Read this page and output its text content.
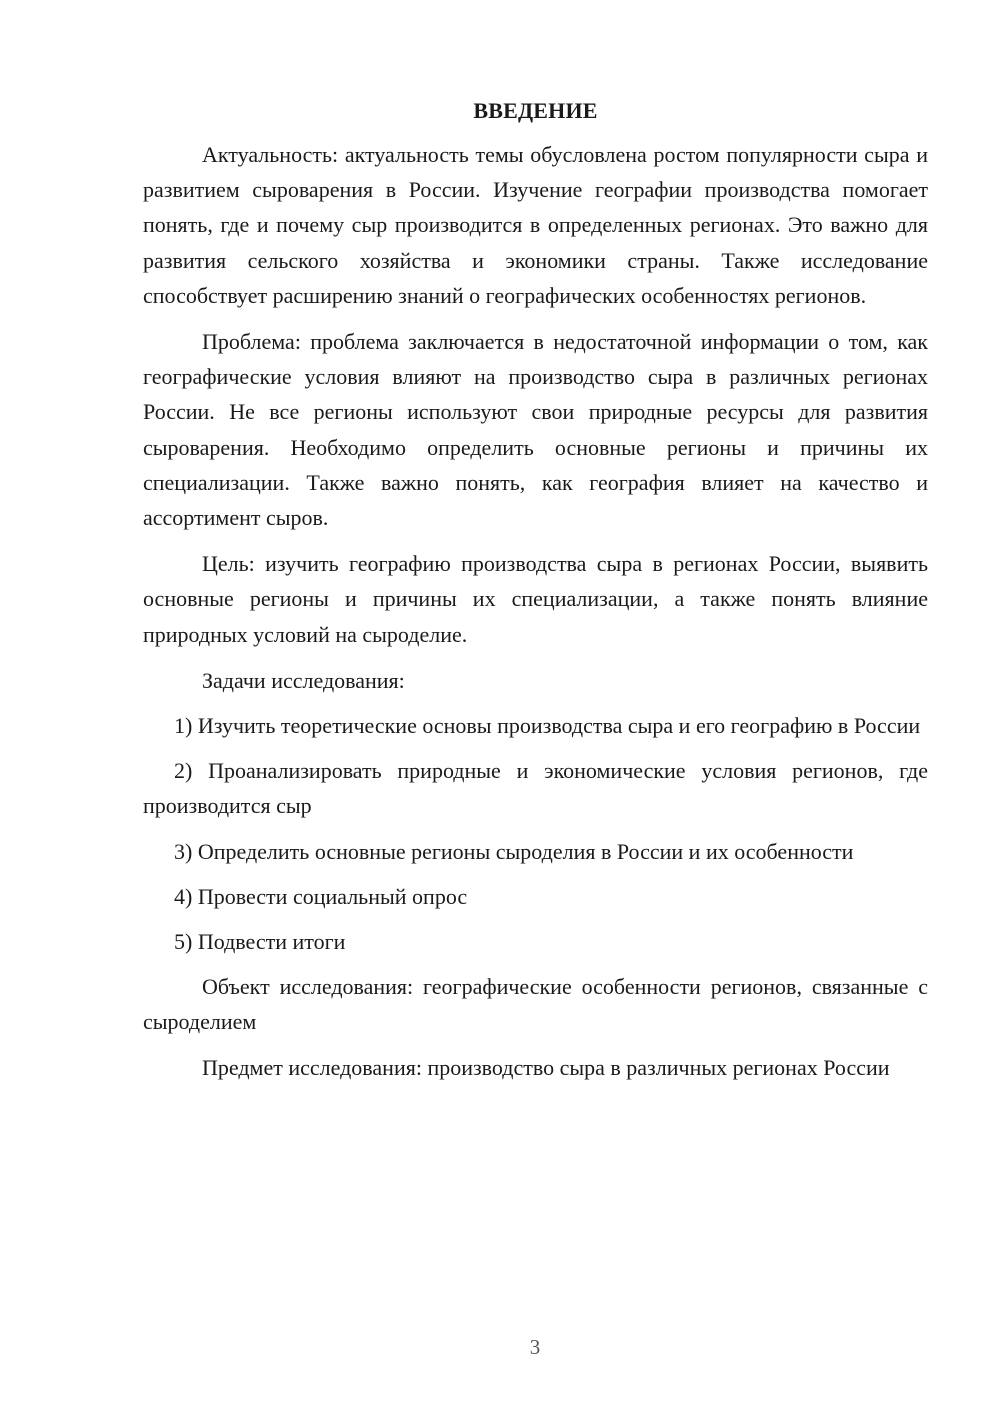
ВВЕДЕНИЕ

Актуальность: актуальность темы обусловлена ростом популярности сыра и развитием сыроварения в России. Изучение географии производства помогает понять, где и почему сыр производится в определенных регионах. Это важно для развития сельского хозяйства и экономики страны. Также исследование способствует расширению знаний о географических особенностях регионов.

Проблема: проблема заключается в недостаточной информации о том, как географические условия влияют на производство сыра в различных регионах России. Не все регионы используют свои природные ресурсы для развития сыроварения. Необходимо определить основные регионы и причины их специализации. Также важно понять, как география влияет на качество и ассортимент сыров.

Цель: изучить географию производства сыра в регионах России, выявить основные регионы и причины их специализации, а также понять влияние природных условий на сыроделие.

Задачи исследования:

1) Изучить теоретические основы производства сыра и его географию в России

2) Проанализировать природные и экономические условия регионов, где производится сыр

3) Определить основные регионы сыроделия в России и их особенности

4) Провести социальный опрос

5) Подвести итоги

Объект исследования: географические особенности регионов, связанные с сыроделием

Предмет исследования: производство сыра в различных регионах России

3
